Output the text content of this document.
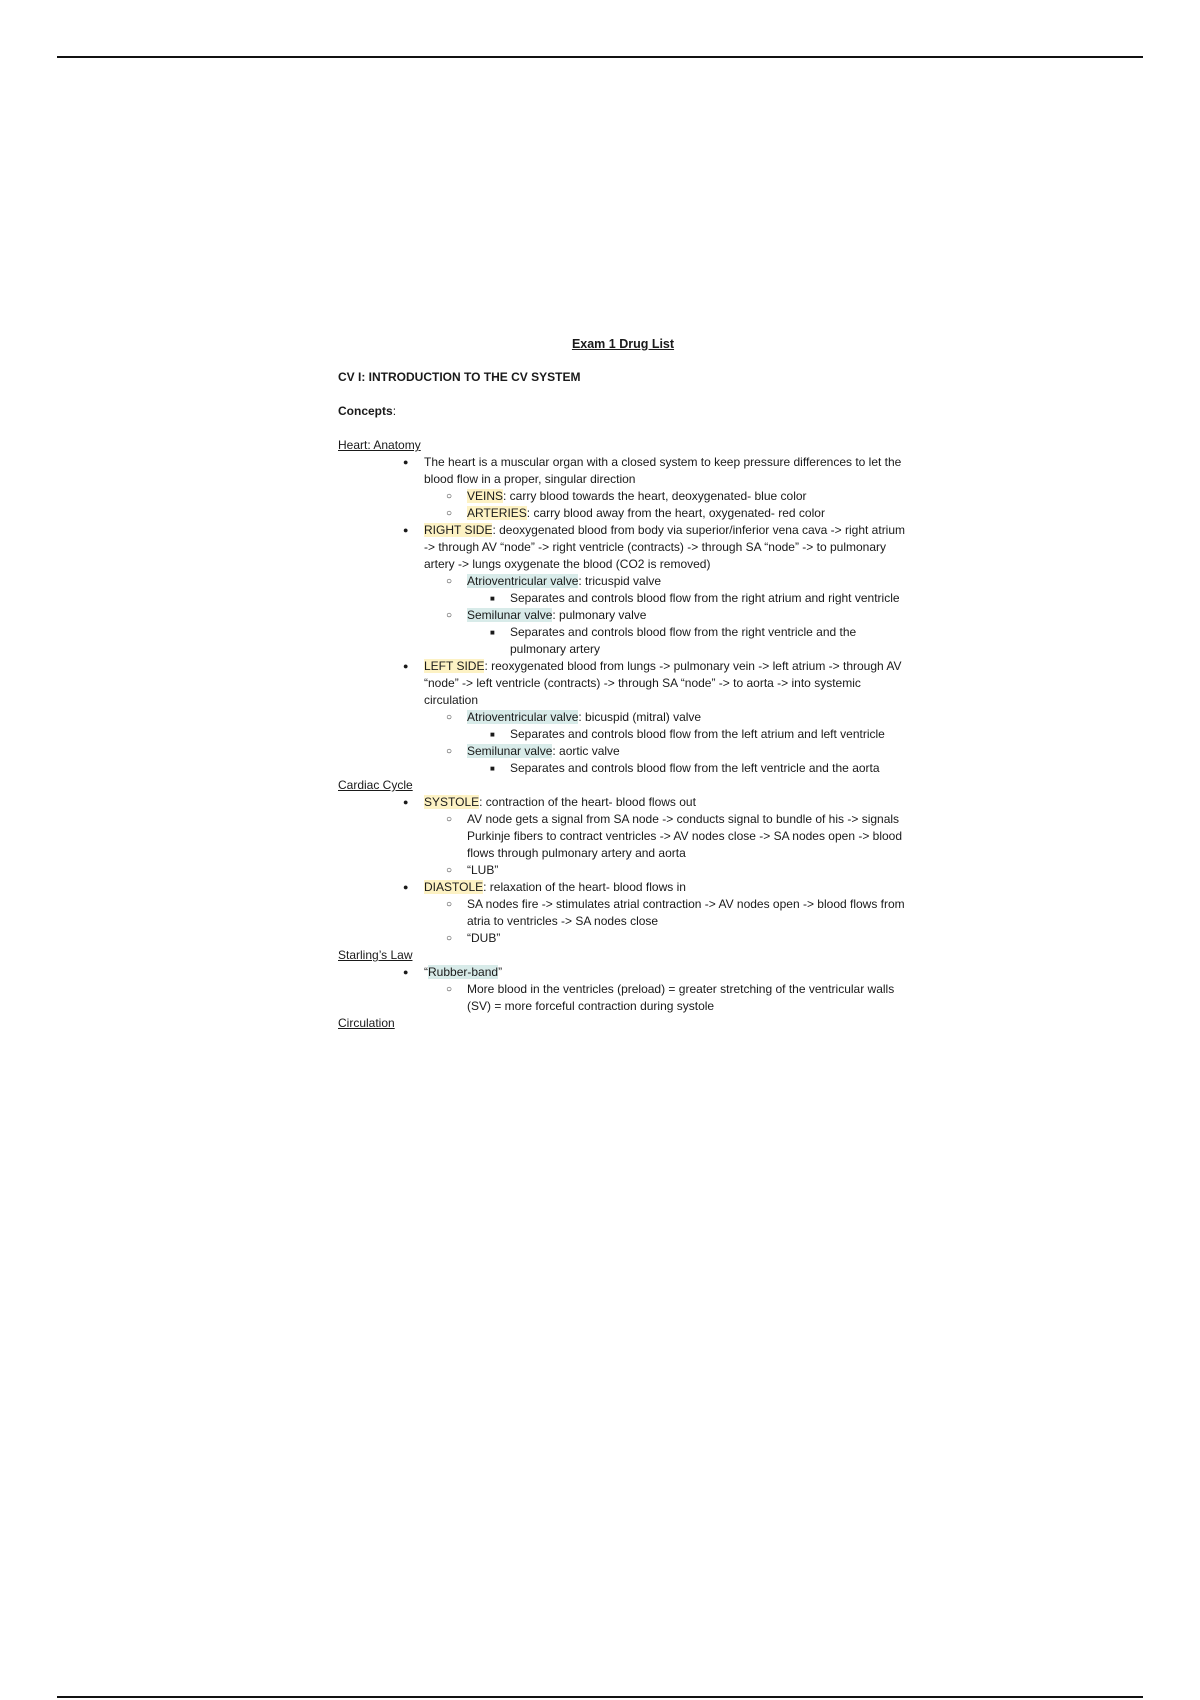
Exam 1 Drug List

CV I: INTRODUCTION TO THE CV SYSTEM

Concepts:

Heart: Anatomy

● The heart is a muscular organ with a closed system to keep pressure differences to let the blood flow in a proper, singular direction
○ VEINS: carry blood towards the heart, deoxygenated- blue color
○ ARTERIES: carry blood away from the heart, oxygenated- red color
● RIGHT SIDE: deoxygenated blood from body via superior/inferior vena cava -> right atrium -> through AV “node” -> right ventricle (contracts) -> through SA “node” -> to pulmonary artery -> lungs oxygenate the blood (CO2 is removed)
○ Atrioventricular valve: tricuspid valve
■ Separates and controls blood flow from the right atrium and right ventricle
○ Semilunar valve: pulmonary valve
■ Separates and controls blood flow from the right ventricle and the pulmonary artery
● LEFT SIDE: reoxygenated blood from lungs -> pulmonary vein -> left atrium -> through AV “node” -> left ventricle (contracts) -> through SA “node” -> to aorta -> into systemic circulation
○ Atrioventricular valve: bicuspid (mitral) valve
■ Separates and controls blood flow from the left atrium and left ventricle
○ Semilunar valve: aortic valve
■ Separates and controls blood flow from the left ventricle and the aorta

Cardiac Cycle

● SYSTOLE: contraction of the heart- blood flows out
○ AV node gets a signal from SA node -> conducts signal to bundle of his -> signals Purkinje fibers to contract ventricles -> AV nodes close -> SA nodes open -> blood flows through pulmonary artery and aorta
○ “LUB”
● DIASTOLE: relaxation of the heart- blood flows in
○ SA nodes fire -> stimulates atrial contraction -> AV nodes open -> blood flows from atria to ventricles -> SA nodes close
○ “DUB”

Starling’s Law

● “Rubber-band”
○ More blood in the ventricles (preload) = greater stretching of the ventricular walls (SV) = more forceful contraction during systole

Circulation
